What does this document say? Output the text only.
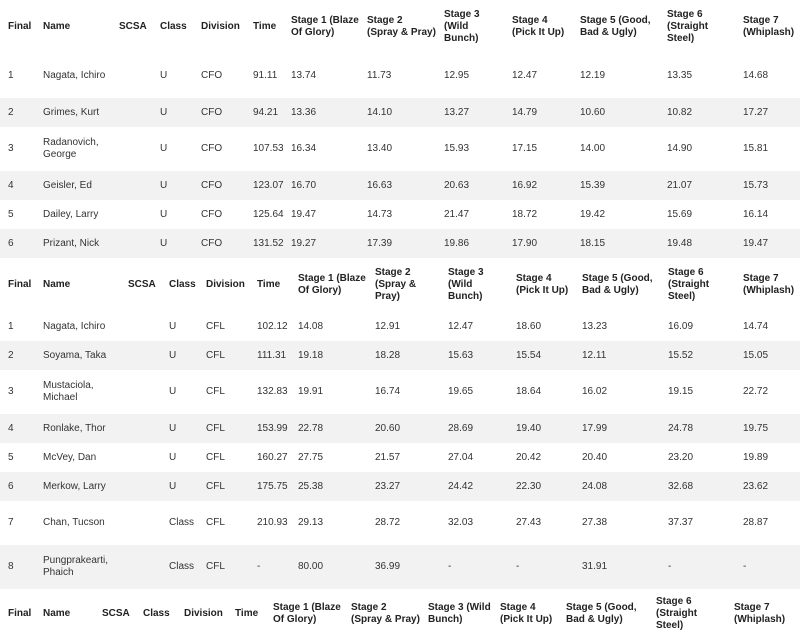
Final	Name	SCSA	Class	Division	Time	Stage 1 (Blaze Of Glory)	Stage 2 (Spray & Pray)	Stage 3 (Wild Bunch)	Stage 4 (Pick It Up)	Stage 5 (Good, Bad & Ugly)	Stage 6 (Straight Steel)	Stage 7 (Whiplash)
1	Nagata, Ichiro		U	CFO	91.11	13.74	11.73	12.95	12.47	12.19	13.35	14.68
2	Grimes, Kurt		U	CFO	94.21	13.36	14.10	13.27	14.79	10.60	10.82	17.27
3	Radanovich, George		U	CFO	107.53	16.34	13.40	15.93	17.15	14.00	14.90	15.81
4	Geisler, Ed		U	CFO	123.07	16.70	16.63	20.63	16.92	15.39	21.07	15.73
5	Dailey, Larry		U	CFO	125.64	19.47	14.73	21.47	18.72	19.42	15.69	16.14
6	Prizant, Nick		U	CFO	131.52	19.27	17.39	19.86	17.90	18.15	19.48	19.47
Final	Name	SCSA	Class	Division	Time	Stage 1 (Blaze Of Glory)	Stage 2 (Spray & Pray)	Stage 3 (Wild Bunch)	Stage 4 (Pick It Up)	Stage 5 (Good, Bad & Ugly)	Stage 6 (Straight Steel)	Stage 7 (Whiplash)
1	Nagata, Ichiro		U	CFL	102.12	14.08	12.91	12.47	18.60	13.23	16.09	14.74
2	Soyama, Taka		U	CFL	111.31	19.18	18.28	15.63	15.54	12.11	15.52	15.05
3	Mustaciola, Michael		U	CFL	132.83	19.91	16.74	19.65	18.64	16.02	19.15	22.72
4	Ronlake, Thor		U	CFL	153.99	22.78	20.60	28.69	19.40	17.99	24.78	19.75
5	McVey, Dan		U	CFL	160.27	27.75	21.57	27.04	20.42	20.40	23.20	19.89
6	Merkow, Larry		U	CFL	175.75	25.38	23.27	24.42	22.30	24.08	32.68	23.62
7	Chan, Tucson		Class	CFL	210.93	29.13	28.72	32.03	27.43	27.38	37.37	28.87
8	Pungprakearti, Phaich		Class	CFL	-	80.00	36.99	-	-	31.91	-	-
Final	Name	SCSA	Class	Division	Time	Stage 1 (Blaze Of Glory)	Stage 2 (Spray & Pray)	Stage 3 (Wild Bunch)	Stage 4 (Pick It Up)	Stage 5 (Good, Bad & Ugly)	Stage 6 (Straight Steel)	Stage 7 (Whiplash)
